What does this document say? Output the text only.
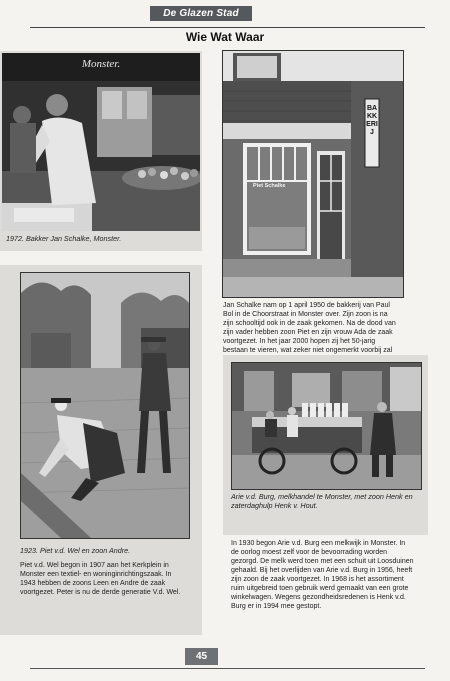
De Glazen Stad
Wie Wat Waar
Monster.
1972. Bakker Jan Schalke, Monster.
BAKKERIJ
Piet Schalke

Jan Schalke nam op 1 april 1950 de bakkerij van Paul

Bol in de Choorstraat in Monster over. Zijn zoon is na

zijn schooltijd ook in de zaak gekomen. Na de dood van

zijn vader hebben zoon Piet en zijn vrouw Ada de zaak

voortgezet. In het jaar 2000 hopen zij het 50-jarig

bestaan te vieren, wat zeker niet ongemerkt voorbij zal

1923. Piet v.d. Wel en zoon Andre.

Piet v.d. Wel begon in 1907 aan het Kerkplein in

Monster een textiel- en woninginrichtingszaak. In

1943 hebben de zoons Leen en Andre de zaak

voortgezet. Peter is nu de derde generatie V.d. Wel.

Arie v.d. Burg, melkhandel te Monster, met zoon Henk en
zaterdaghulp Henk v. Hout.

In 1930 begon Arie v.d. Burg een melkwijk in Monster. In

de oorlog moest zelf voor de bevoorrading worden

gezorgd. De melk werd toen met een schuit uit Loosduinen

gehaald. Bij het overlijden van Arie v.d. Burg in 1956, heeft

zijn zoon de zaak voortgezet. In 1968 is het assortiment

ruim uitgebreid toen gebruik werd gemaakt van een grote

winkelwagen. Wegens gezondheidsredenen is Henk v.d.

Burg er in 1994 mee gestopt.

45
